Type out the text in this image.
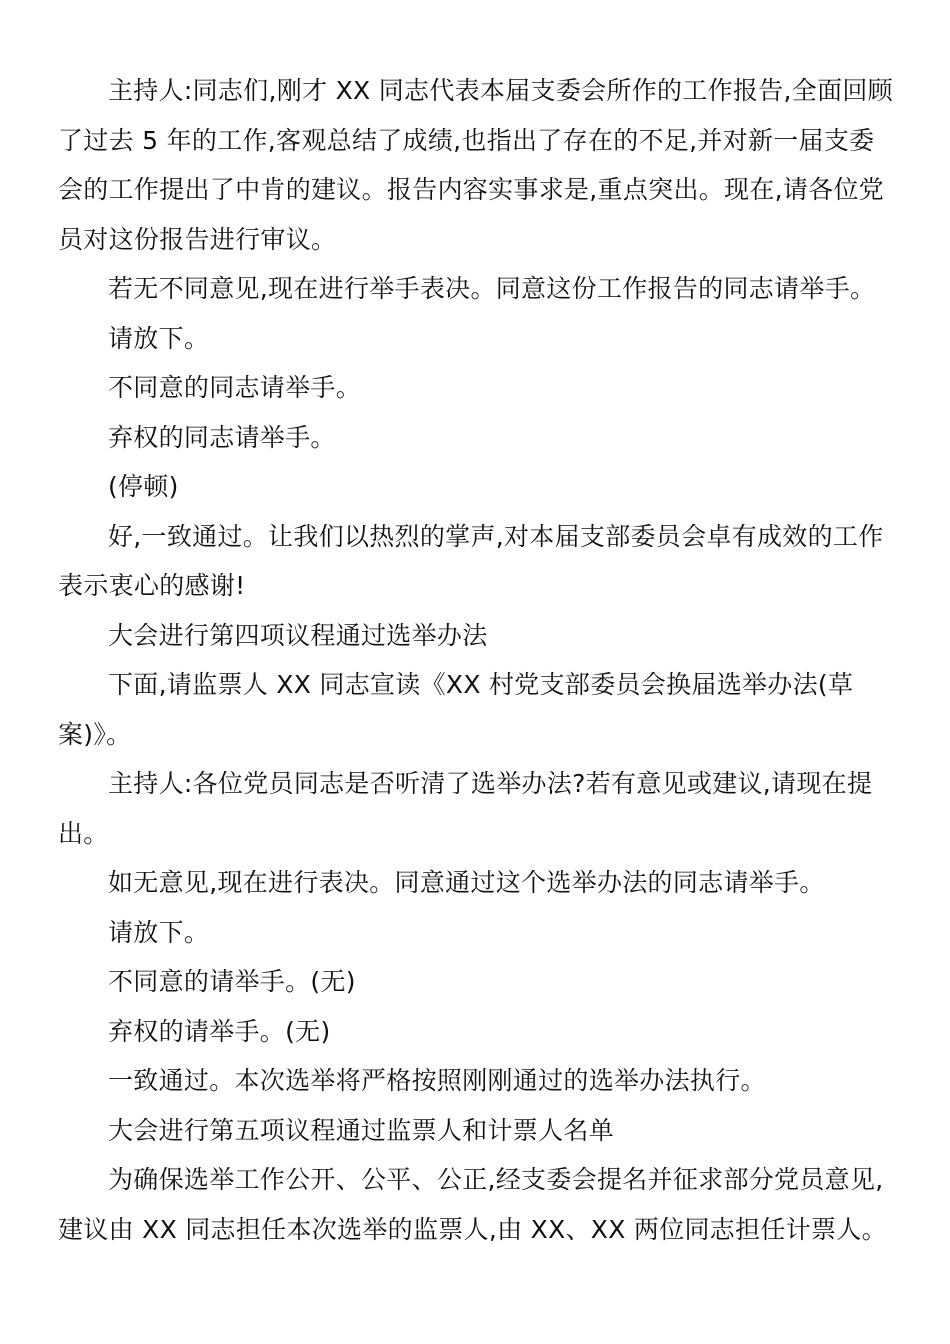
主持人:同志们,刚才 XX 同志代表本届支委会所作的工作报告,全面回顾了过去 5 年的工作,客观总结了成绩,也指出了存在的不足,并对新一届支委会的工作提出了中肯的建议。报告内容实事求是,重点突出。现在,请各位党员对这份报告进行审议。

若无不同意见,现在进行举手表决。同意这份工作报告的同志请举手。

请放下。

不同意的同志请举手。

弃权的同志请举手。

(停顿)

好,一致通过。让我们以热烈的掌声,对本届支部委员会卓有成效的工作表示衷心的感谢!

大会进行第四项议程通过选举办法

下面,请监票人 XX 同志宣读《XX 村党支部委员会换届选举办法(草案)》。

主持人:各位党员同志是否听清了选举办法?若有意见或建议,请现在提出。

如无意见,现在进行表决。同意通过这个选举办法的同志请举手。

请放下。

不同意的请举手。(无)

弃权的请举手。(无)

一致通过。本次选举将严格按照刚刚通过的选举办法执行。

大会进行第五项议程通过监票人和计票人名单

为确保选举工作公开、公平、公正,经支委会提名并征求部分党员意见,建议由 XX 同志担任本次选举的监票人,由 XX、XX 两位同志担任计票人。
